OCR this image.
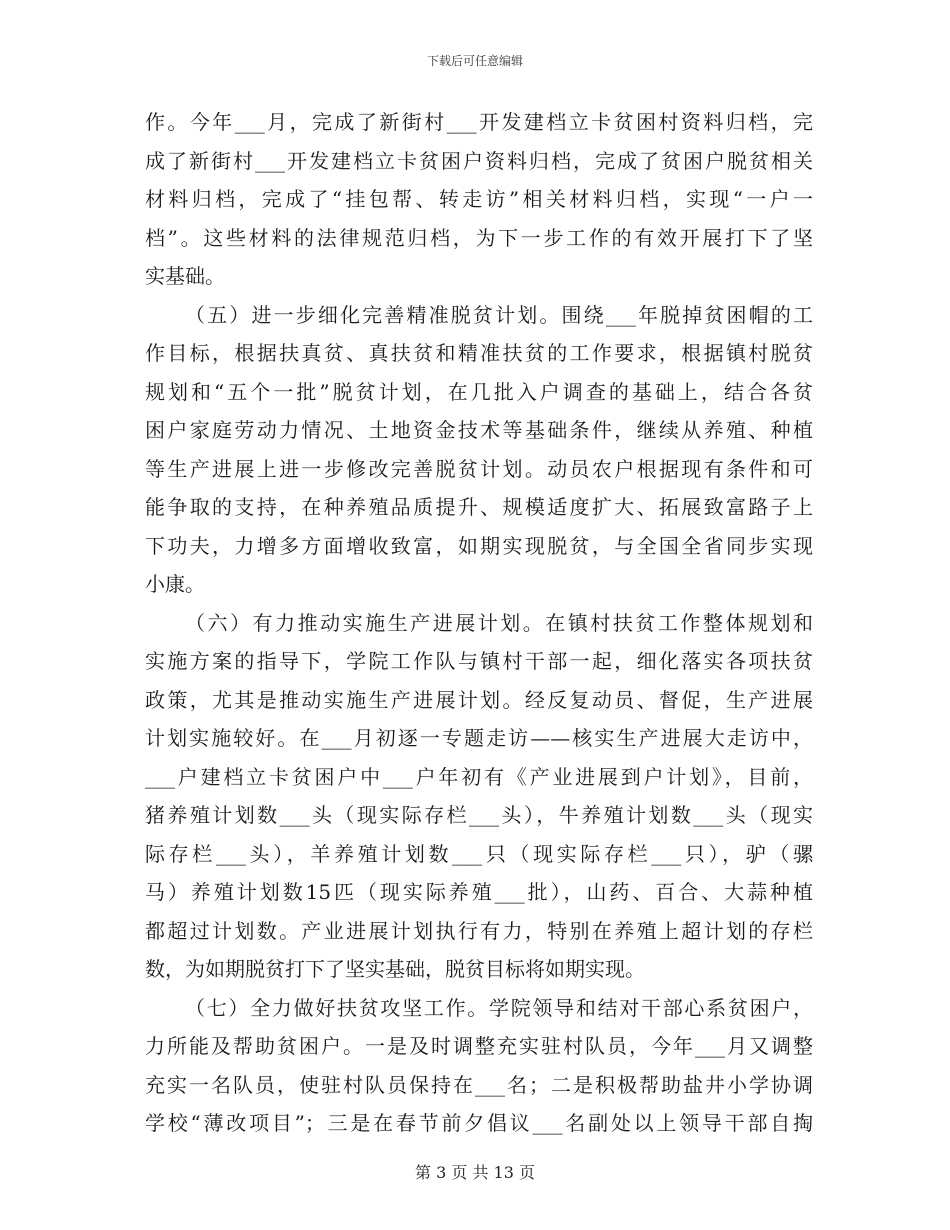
下载后可任意编辑
作。今年___月，完成了新街村___开发建档立卡贫困村资料归档，完
成了新街村___开发建档立卡贫困户资料归档，完成了贫困户脱贫相关
材料归档，完成了“挂包帮、转走访”相关材料归档，实现“一户一
档”。这些材料的法律规范归档，为下一步工作的有效开展打下了坚
实基础。
（五）进一步细化完善精准脱贫计划。围绕___年脱掉贫困帽的工
作目标，根据扶真贫、真扶贫和精准扶贫的工作要求，根据镇村脱贫
规划和“五个一批”脱贫计划，在几批入户调查的基础上，结合各贫
困户家庭劳动力情况、土地资金技术等基础条件，继续从养殖、种植
等生产进展上进一步修改完善脱贫计划。动员农户根据现有条件和可
能争取的支持，在种养殖品质提升、规模适度扩大、拓展致富路子上
下功夫，力增多方面增收致富，如期实现脱贫，与全国全省同步实现
小康。
（六）有力推动实施生产进展计划。在镇村扶贫工作整体规划和
实施方案的指导下，学院工作队与镇村干部一起，细化落实各项扶贫
政策，尤其是推动实施生产进展计划。经反复动员、督促，生产进展
计划实施较好。在___月初逐一专题走访——核实生产进展大走访中，
___户建档立卡贫困户中___户年初有《产业进展到户计划》，目前，
猪养殖计划数___头（现实际存栏___头），牛养殖计划数___头（现实
际存栏___头），羊养殖计划数___只（现实际存栏___只），驴（骡
马）养殖计划数15匹（现实际养殖___批），山药、百合、大蒜种植
都超过计划数。产业进展计划执行有力，特别在养殖上超计划的存栏
数，为如期脱贫打下了坚实基础，脱贫目标将如期实现。
（七）全力做好扶贫攻坚工作。学院领导和结对干部心系贫困户，
力所能及帮助贫困户。一是及时调整充实驻村队员，今年___月又调整
充实一名队员，使驻村队员保持在___名；二是积极帮助盐井小学协调
学校“薄改项目”；三是在春节前夕倡议___名副处以上领导干部自掏
第 3 页 共 13 页
